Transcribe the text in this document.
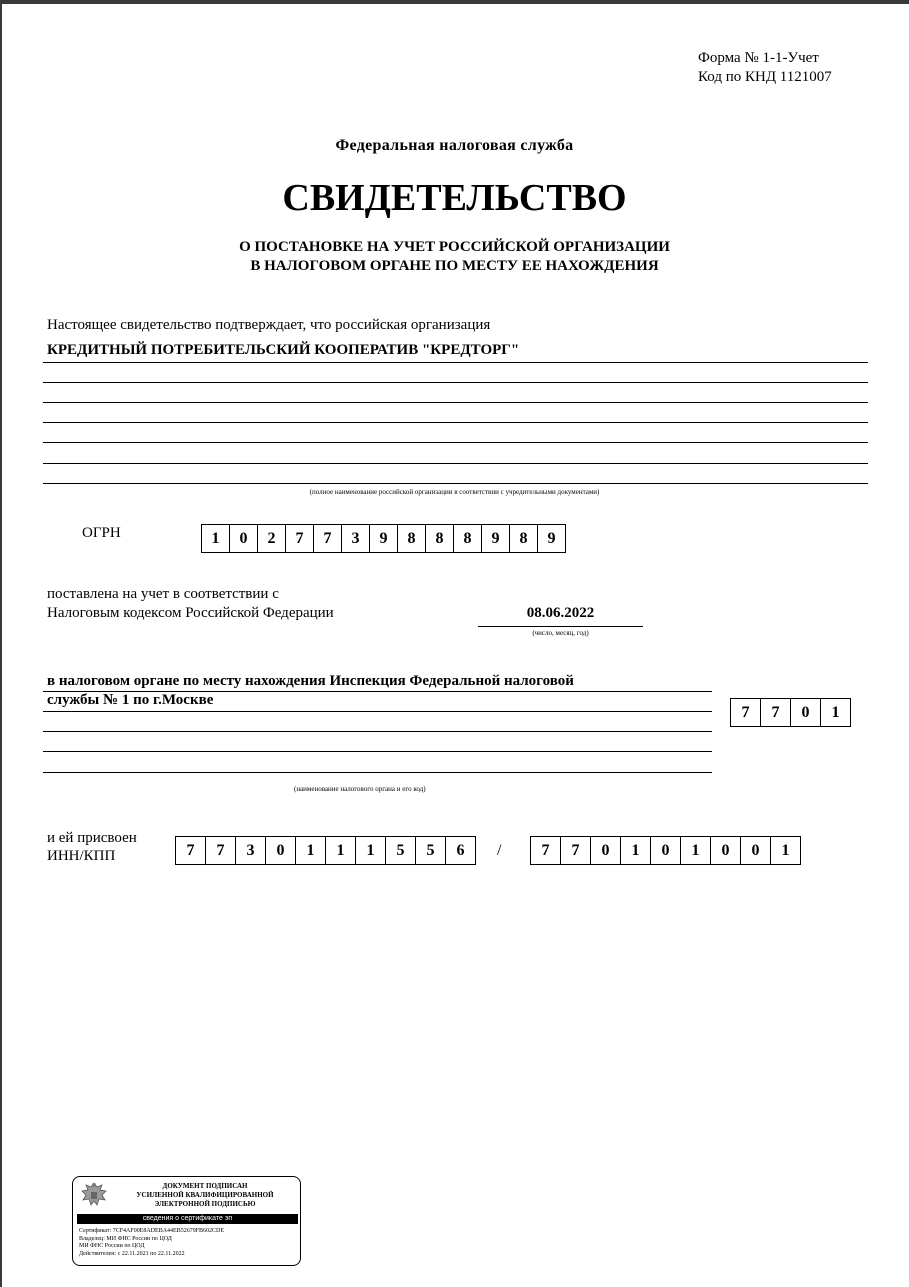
Форма № 1-1-Учет
Код по КНД 1121007
Федеральная налоговая служба
СВИДЕТЕЛЬСТВО
О ПОСТАНОВКЕ НА УЧЕТ РОССИЙСКОЙ ОРГАНИЗАЦИИ
В НАЛОГОВОМ ОРГАНЕ ПО МЕСТУ ЕЕ НАХОЖДЕНИЯ
Настоящее свидетельство подтверждает, что российская организация
КРЕДИТНЫЙ ПОТРЕБИТЕЛЬСКИЙ КООПЕРАТИВ "КРЕДТОРГ"
(полное наименование российской организации в соответствии с учредительными документами)
ОГРН	1	0	2	7	7	3	9	8	8	8	9	8	9
поставлена на учет в соответствии с
Налоговым кодексом Российской Федерации	08.06.2022
(число, месяц, год)
в налоговом органе по месту нахождения Инспекция Федеральной налоговой
службы № 1 по г.Москве
7	7	0	1
(наименование налогового органа и его код)
и ей присвоен
ИНН/КПП	7	7	3	0	1	1	1	5	5	6	/	7	7	0	1	0	1	0	0	1
ДОКУМЕНТ ПОДПИСАН
УСИЛЕННОЙ КВАЛИФИЦИРОВАННОЙ
ЭЛЕКТРОННОЙ ПОДПИСЬЮ
сведения о сертификате эп
Сертификат: 7CF4AF00E8ADEBA44EB52679FB602CDE
Владелец: МИ ФНС России по ЦОД
МИ ФНС России по ЦОД
Действителен: с 22.11.2021 по 22.11.2022
